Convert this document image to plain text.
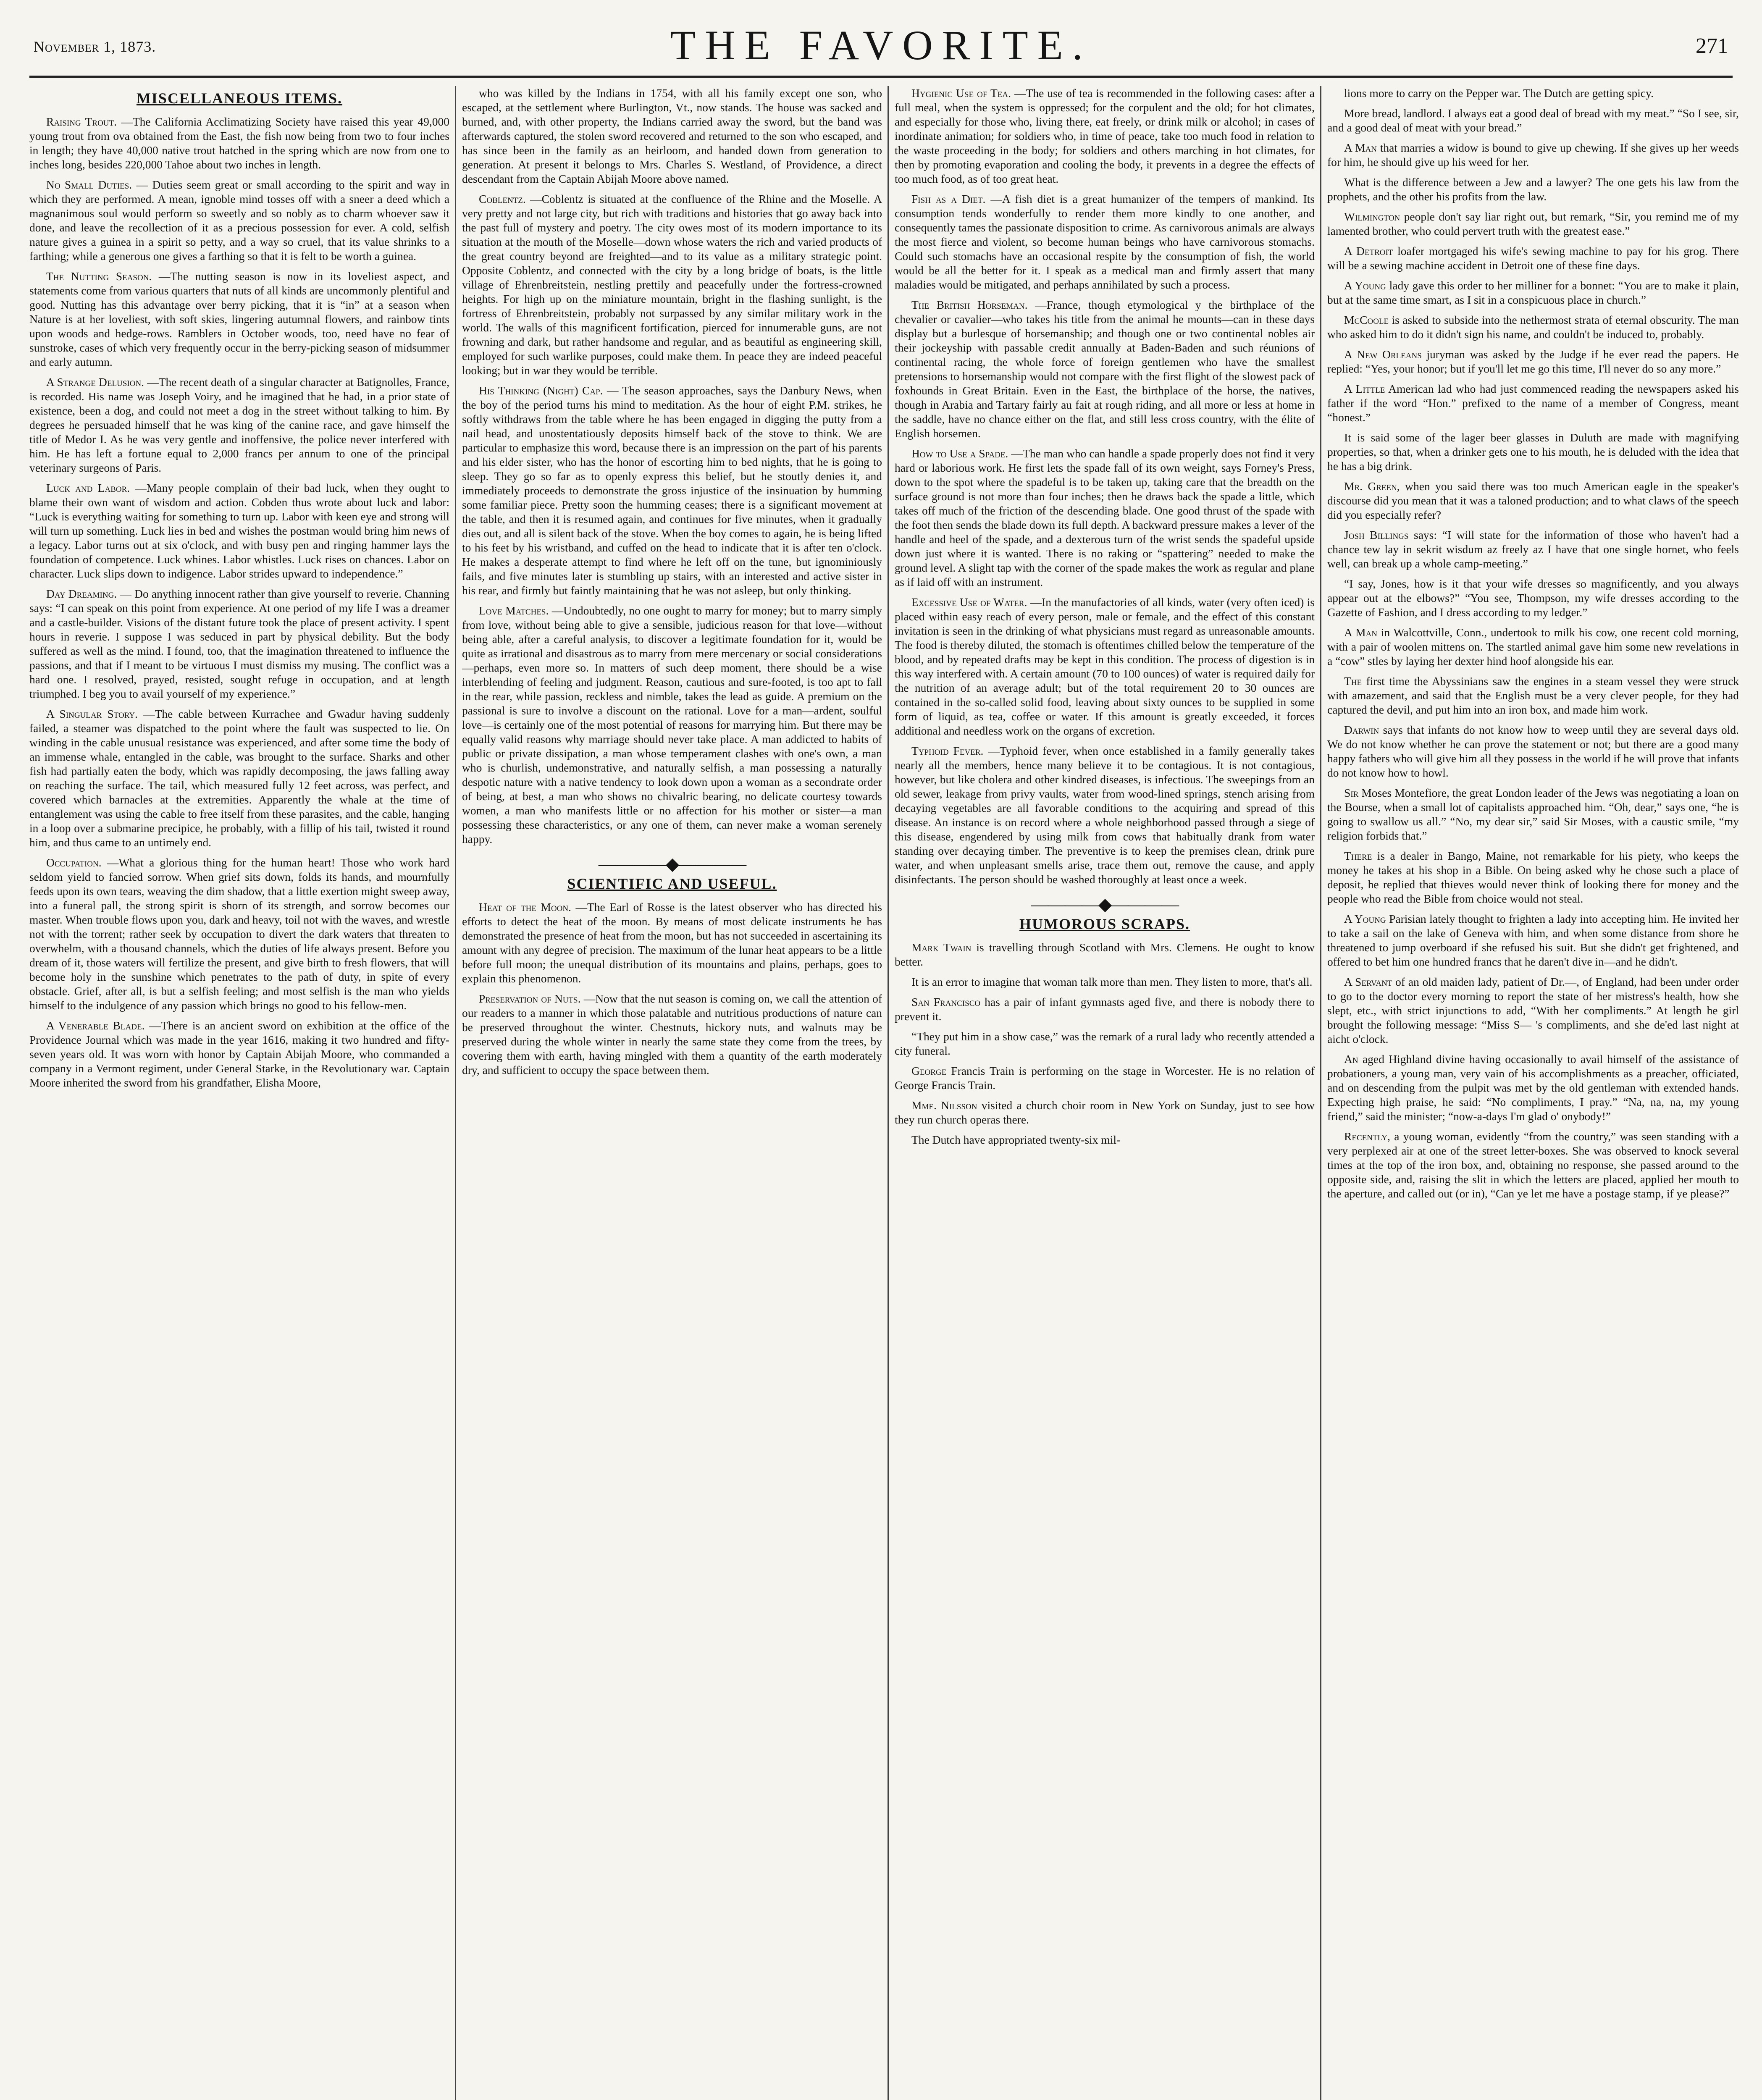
November 1, 1873.	THE FAVORITE.	271
MISCELLANEOUS ITEMS.

Raising Trout. —The California Acclimatizing Society have raised this year 49,000 young trout from ova obtained from the East, the fish now being from two to four inches in length; they have 40,000 native trout hatched in the spring which are now from one to inches long, besides 220,000 Tahoe about two inches in length.

No Small Duties. — Duties seem great or small according to the spirit and way in which they are performed. A mean, ignoble mind tosses off with a sneer a deed which a magnanimous soul would perform so sweetly and so nobly as to charm whoever saw it done, and leave the recollection of it as a precious possession for ever. A cold, selfish nature gives a guinea in a spirit so petty, and a way so cruel, that its value shrinks to a farthing; while a generous one gives a farthing so that it is felt to be worth a guinea.

The Nutting Season. —The nutting season is now in its loveliest aspect, and statements come from various quarters that nuts of all kinds are uncommonly plentiful and good. Nutting has this advantage over berry picking, that it is “in” at a season when Nature is at her loveliest, with soft skies, lingering autumnal flowers, and rainbow tints upon woods and hedge-rows. Ramblers in October woods, too, need have no fear of sunstroke, cases of which very frequently occur in the berry-picking season of midsummer and early autumn.

A Strange Delusion. —The recent death of a singular character at Batignolles, France, is recorded. His name was Joseph Voiry, and he imagined that he had, in a prior state of existence, been a dog, and could not meet a dog in the street without talking to him. By degrees he persuaded himself that he was king of the canine race, and gave himself the title of Medor I. As he was very gentle and inoffensive, the police never interfered with him. He has left a fortune equal to 2,000 francs per annum to one of the principal veterinary surgeons of Paris.

Luck and Labor. —Many people complain of their bad luck, when they ought to blame their own want of wisdom and action. Cobden thus wrote about luck and labor: “Luck is everything waiting for something to turn up. Labor with keen eye and strong will will turn up something. Luck lies in bed and wishes the postman would bring him news of a legacy. Labor turns out at six o'clock, and with busy pen and ringing hammer lays the foundation of competence. Luck whines. Labor whistles. Luck rises on chances. Labor on character. Luck slips down to indigence. Labor strides upward to independence.”

Day Dreaming. — Do anything innocent rather than give yourself to reverie. Channing says: “I can speak on this point from experience. At one period of my life I was a dreamer and a castle-builder. Visions of the distant future took the place of present activity. I spent hours in reverie. I suppose I was seduced in part by physical debility. But the body suffered as well as the mind. I found, too, that the imagination threatened to influence the passions, and that if I meant to be virtuous I must dismiss my musing. The conflict was a hard one. I resolved, prayed, resisted, sought refuge in occupation, and at length triumphed. I beg you to avail yourself of my experience.”

A Singular Story. —The cable between Kurrachee and Gwadur having suddenly failed, a steamer was dispatched to the point where the fault was suspected to lie. On winding in the cable unusual resistance was experienced, and after some time the body of an immense whale, entangled in the cable, was brought to the surface. Sharks and other fish had partially eaten the body, which was rapidly decomposing, the jaws falling away on reaching the surface. The tail, which measured fully 12 feet across, was perfect, and covered which barnacles at the extremities. Apparently the whale at the time of entanglement was using the cable to free itself from these parasites, and the cable, hanging in a loop over a submarine precipice, he probably, with a fillip of his tail, twisted it round him, and thus came to an untimely end.

Occupation. —What a glorious thing for the human heart! Those who work hard seldom yield to fancied sorrow. When grief sits down, folds its hands, and mournfully feeds upon its own tears, weaving the dim shadow, that a little exertion might sweep away, into a funeral pall, the strong spirit is shorn of its strength, and sorrow becomes our master. When trouble flows upon you, dark and heavy, toil not with the waves, and wrestle not with the torrent; rather seek by occupation to divert the dark waters that threaten to overwhelm, with a thousand channels, which the duties of life always present. Before you dream of it, those waters will fertilize the present, and give birth to fresh flowers, that will become holy in the sunshine which penetrates to the path of duty, in spite of every obstacle. Grief, after all, is but a selfish feeling; and most selfish is the man who yields himself to the indulgence of any passion which brings no good to his fellow-men.

A Venerable Blade. —There is an ancient sword on exhibition at the office of the Providence Journal which was made in the year 1616, making it two hundred and fifty-seven years old. It was worn with honor by Captain Abijah Moore, who commanded a company in a Vermont regiment, under General Starke, in the Revolutionary war. Captain Moore inherited the sword from his grandfather, Elisha Moore,

who was killed by the Indians in 1754, with all his family except one son, who escaped, at the settlement where Burlington, Vt., now stands. The house was sacked and burned, and, with other property, the Indians carried away the sword, but the band was afterwards captured, the stolen sword recovered and returned to the son who escaped, and has since been in the family as an heirloom, and handed down from generation to generation. At present it belongs to Mrs. Charles S. Westland, of Providence, a direct descendant from the Captain Abijah Moore above named.

Coblentz. —Coblentz is situated at the confluence of the Rhine and the Moselle. A very pretty and not large city, but rich with traditions and histories that go away back into the past full of mystery and poetry. The city owes most of its modern importance to its situation at the mouth of the Moselle—down whose waters the rich and varied products of the great country beyond are freighted—and to its value as a military strategic point. Opposite Coblentz, and connected with the city by a long bridge of boats, is the little village of Ehrenbreitstein, nestling prettily and peacefully under the fortress-crowned heights. For high up on the miniature mountain, bright in the flashing sunlight, is the fortress of Ehrenbreitstein, probably not surpassed by any similar military work in the world. The walls of this magnificent fortification, pierced for innumerable guns, are not frowning and dark, but rather handsome and regular, and as beautiful as engineering skill, employed for such warlike purposes, could make them. In peace they are indeed peaceful looking; but in war they would be terrible.

His Thinking (Night) Cap. — The season approaches, says the Danbury News, when the boy of the period turns his mind to meditation. As the hour of eight P.M. strikes, he softly withdraws from the table where he has been engaged in digging the putty from a nail head, and unostentatiously deposits himself back of the stove to think. We are particular to emphasize this word, because there is an impression on the part of his parents and his elder sister, who has the honor of escorting him to bed nights, that he is going to sleep. They go so far as to openly express this belief, but he stoutly denies it, and immediately proceeds to demonstrate the gross injustice of the insinuation by humming some familiar piece. Pretty soon the humming ceases; there is a significant movement at the table, and then it is resumed again, and continues for five minutes, when it gradually dies out, and all is silent back of the stove. When the boy comes to again, he is being lifted to his feet by his wristband, and cuffed on the head to indicate that it is after ten o'clock. He makes a desperate attempt to find where he left off on the tune, but ignominiously fails, and five minutes later is stumbling up stairs, with an interested and active sister in his rear, and firmly but faintly maintaining that he was not asleep, but only thinking.

Love Matches. —Undoubtedly, no one ought to marry for money; but to marry simply from love, without being able to give a sensible, judicious reason for that love—without being able, after a careful analysis, to discover a legitimate foundation for it, would be quite as irrational and disastrous as to marry from mere mercenary or social considerations—perhaps, even more so. In matters of such deep moment, there should be a wise interblending of feeling and judgment. Reason, cautious and sure-footed, is too apt to fall in the rear, while passion, reckless and nimble, takes the lead as guide. A premium on the passional is sure to involve a discount on the rational. Love for a man—ardent, soulful love—is certainly one of the most potential of reasons for marrying him. But there may be equally valid reasons why marriage should never take place. A man addicted to habits of public or private dissipation, a man whose temperament clashes with one's own, a man who is churlish, undemonstrative, and naturally selfish, a man possessing a naturally despotic nature with a native tendency to look down upon a woman as a secondrate order of being, at best, a man who shows no chivalric bearing, no delicate courtesy towards women, a man who manifests little or no affection for his mother or sister—a man possessing these characteristics, or any one of them, can never make a woman serenely happy.

————◆————
SCIENTIFIC AND USEFUL.

Heat of the Moon. —The Earl of Rosse is the latest observer who has directed his efforts to detect the heat of the moon. By means of most delicate instruments he has demonstrated the presence of heat from the moon, but has not succeeded in ascertaining its amount with any degree of precision. The maximum of the lunar heat appears to be a little before full moon; the unequal distribution of its mountains and plains, perhaps, goes to explain this phenomenon.

Preservation of Nuts. —Now that the nut season is coming on, we call the attention of our readers to a manner in which those palatable and nutritious productions of nature can be preserved throughout the winter. Chestnuts, hickory nuts, and walnuts may be preserved during the whole winter in nearly the same state they come from the trees, by covering them with earth, having mingled with them a quantity of the earth moderately dry, and sufficient to occupy the space between them.

Hygienic Use of Tea. —The use of tea is recommended in the following cases: after a full meal, when the system is oppressed; for the corpulent and the old; for hot climates, and especially for those who, living there, eat freely, or drink milk or alcohol; in cases of inordinate animation; for soldiers who, in time of peace, take too much food in relation to the waste proceeding in the body; for soldiers and others marching in hot climates, for then by promoting evaporation and cooling the body, it prevents in a degree the effects of too much food, as of too great heat.

Fish as a Diet. —A fish diet is a great humanizer of the tempers of mankind. Its consumption tends wonderfully to render them more kindly to one another, and consequently tames the passionate disposition to crime. As carnivorous animals are always the most fierce and violent, so become human beings who have carnivorous stomachs. Could such stomachs have an occasional respite by the consumption of fish, the world would be all the better for it. I speak as a medical man and firmly assert that many maladies would be mitigated, and perhaps annihilated by such a process.

The British Horseman. —France, though etymological y the birthplace of the chevalier or cavalier—who takes his title from the animal he mounts—can in these days display but a burlesque of horsemanship; and though one or two continental nobles air their jockeyship with passable credit annually at Baden-Baden and such réunions of continental racing, the whole force of foreign gentlemen who have the smallest pretensions to horsemanship would not compare with the first flight of the slowest pack of foxhounds in Great Britain. Even in the East, the birthplace of the horse, the natives, though in Arabia and Tartary fairly au fait at rough riding, and all more or less at home in the saddle, have no chance either on the flat, and still less cross country, with the élite of English horsemen.

How to Use a Spade. —The man who can handle a spade properly does not find it very hard or laborious work. He first lets the spade fall of its own weight, says Forney's Press, down to the spot where the spadeful is to be taken up, taking care that the breadth on the surface ground is not more than four inches; then he draws back the spade a little, which takes off much of the friction of the descending blade. One good thrust of the spade with the foot then sends the blade down its full depth. A backward pressure makes a lever of the handle and heel of the spade, and a dexterous turn of the wrist sends the spadeful upside down just where it is wanted. There is no raking or “spattering” needed to make the ground level. A slight tap with the corner of the spade makes the work as regular and plane as if laid off with an instrument.

Excessive Use of Water. —In the manufactories of all kinds, water (very often iced) is placed within easy reach of every person, male or female, and the effect of this constant invitation is seen in the drinking of what physicians must regard as unreasonable amounts. The food is thereby diluted, the stomach is oftentimes chilled below the temperature of the blood, and by repeated drafts may be kept in this condition. The process of digestion is in this way interfered with. A certain amount (70 to 100 ounces) of water is required daily for the nutrition of an average adult; but of the total requirement 20 to 30 ounces are contained in the so-called solid food, leaving about sixty ounces to be supplied in some form of liquid, as tea, coffee or water. If this amount is greatly exceeded, it forces additional and needless work on the organs of excretion.

Typhoid Fever. —Typhoid fever, when once established in a family generally takes nearly all the members, hence many believe it to be contagious. It is not contagious, however, but like cholera and other kindred diseases, is infectious. The sweepings from an old sewer, leakage from privy vaults, water from wood-lined springs, stench arising from decaying vegetables are all favorable conditions to the acquiring and spread of this disease. An instance is on record where a whole neighborhood passed through a siege of this disease, engendered by using milk from cows that habitually drank from water standing over decaying timber. The preventive is to keep the premises clean, drink pure water, and when unpleasant smells arise, trace them out, remove the cause, and apply disinfectants. The person should be washed thoroughly at least once a week.

————◆————
HUMOROUS SCRAPS.

Mark Twain is travelling through Scotland with Mrs. Clemens. He ought to know better.

It is an error to imagine that woman talk more than men. They listen to more, that's all.

San Francisco has a pair of infant gymnasts aged five, and there is nobody there to prevent it.

“They put him in a show case,” was the remark of a rural lady who recently attended a city funeral.

George Francis Train is performing on the stage in Worcester. He is no relation of George Francis Train.

Mme. Nilsson visited a church choir room in New York on Sunday, just to see how they run church operas there.

The Dutch have appropriated twenty-six mil-

lions more to carry on the Pepper war. The Dutch are getting spicy.

More bread, landlord. I always eat a good deal of bread with my meat.” “So I see, sir, and a good deal of meat with your bread.”

A Man that marries a widow is bound to give up chewing. If she gives up her weeds for him, he should give up his weed for her.

What is the difference between a Jew and a lawyer? The one gets his law from the prophets, and the other his profits from the law.

Wilmington people don't say liar right out, but remark, “Sir, you remind me of my lamented brother, who could pervert truth with the greatest ease.”

A Detroit loafer mortgaged his wife's sewing machine to pay for his grog. There will be a sewing machine accident in Detroit one of these fine days.

A Young lady gave this order to her milliner for a bonnet: “You are to make it plain, but at the same time smart, as I sit in a conspicuous place in church.”

McCoole is asked to subside into the nethermost strata of eternal obscurity. The man who asked him to do it didn't sign his name, and couldn't be induced to, probably.

A New Orleans juryman was asked by the Judge if he ever read the papers. He replied: “Yes, your honor; but if you'll let me go this time, I'll never do so any more.”

A Little American lad who had just commenced reading the newspapers asked his father if the word “Hon.” prefixed to the name of a member of Congress, meant “honest.”

It is said some of the lager beer glasses in Duluth are made with magnifying properties, so that, when a drinker gets one to his mouth, he is deluded with the idea that he has a big drink.

Mr. Green, when you said there was too much American eagle in the speaker's discourse did you mean that it was a taloned production; and to what claws of the speech did you especially refer?

Josh Billings says: “I will state for the information of those who haven't had a chance tew lay in sekrit wisdum az freely az I have that one single hornet, who feels well, can break up a whole camp-meeting.”

“I say, Jones, how is it that your wife dresses so magnificently, and you always appear out at the elbows?” “You see, Thompson, my wife dresses according to the Gazette of Fashion, and I dress according to my ledger.”

A Man in Walcottville, Conn., undertook to milk his cow, one recent cold morning, with a pair of woolen mittens on. The startled animal gave him some new revelations in a “cow” stles by laying her dexter hind hoof alongside his ear.

The first time the Abyssinians saw the engines in a steam vessel they were struck with amazement, and said that the English must be a very clever people, for they had captured the devil, and put him into an iron box, and made him work.

Darwin says that infants do not know how to weep until they are several days old. We do not know whether he can prove the statement or not; but there are a good many happy fathers who will give him all they possess in the world if he will prove that infants do not know how to howl.

Sir Moses Montefiore, the great London leader of the Jews was negotiating a loan on the Bourse, when a small lot of capitalists approached him. “Oh, dear,” says one, “he is going to swallow us all.” “No, my dear sir,” said Sir Moses, with a caustic smile, “my religion forbids that.”

There is a dealer in Bango, Maine, not remarkable for his piety, who keeps the money he takes at his shop in a Bible. On being asked why he chose such a place of deposit, he replied that thieves would never think of looking there for money and the people who read the Bible from choice would not steal.

A Young Parisian lately thought to frighten a lady into accepting him. He invited her to take a sail on the lake of Geneva with him, and when some distance from shore he threatened to jump overboard if she refused his suit. But she didn't get frightened, and offered to bet him one hundred francs that he daren't dive in—and he didn't.

A Servant of an old maiden lady, patient of Dr.—, of England, had been under order to go to the doctor every morning to report the state of her mistress's health, how she slept, etc., with strict injunctions to add, “With her compliments.” At length he girl brought the following message: “Miss S— 's compliments, and she de'ed last night at aicht o'clock.

An aged Highland divine having occasionally to avail himself of the assistance of probationers, a young man, very vain of his accomplishments as a preacher, officiated, and on descending from the pulpit was met by the old gentleman with extended hands. Expecting high praise, he said: “No compliments, I pray.” “Na, na, na, my young friend,” said the minister; “now-a-days I'm glad o' onybody!”

Recently, a young woman, evidently “from the country,” was seen standing with a very perplexed air at one of the street letter-boxes. She was observed to knock several times at the top of the iron box, and, obtaining no response, she passed around to the opposite side, and, raising the slit in which the letters are placed, applied her mouth to the aperture, and called out (or in), “Can ye let me have a postage stamp, if ye please?”
